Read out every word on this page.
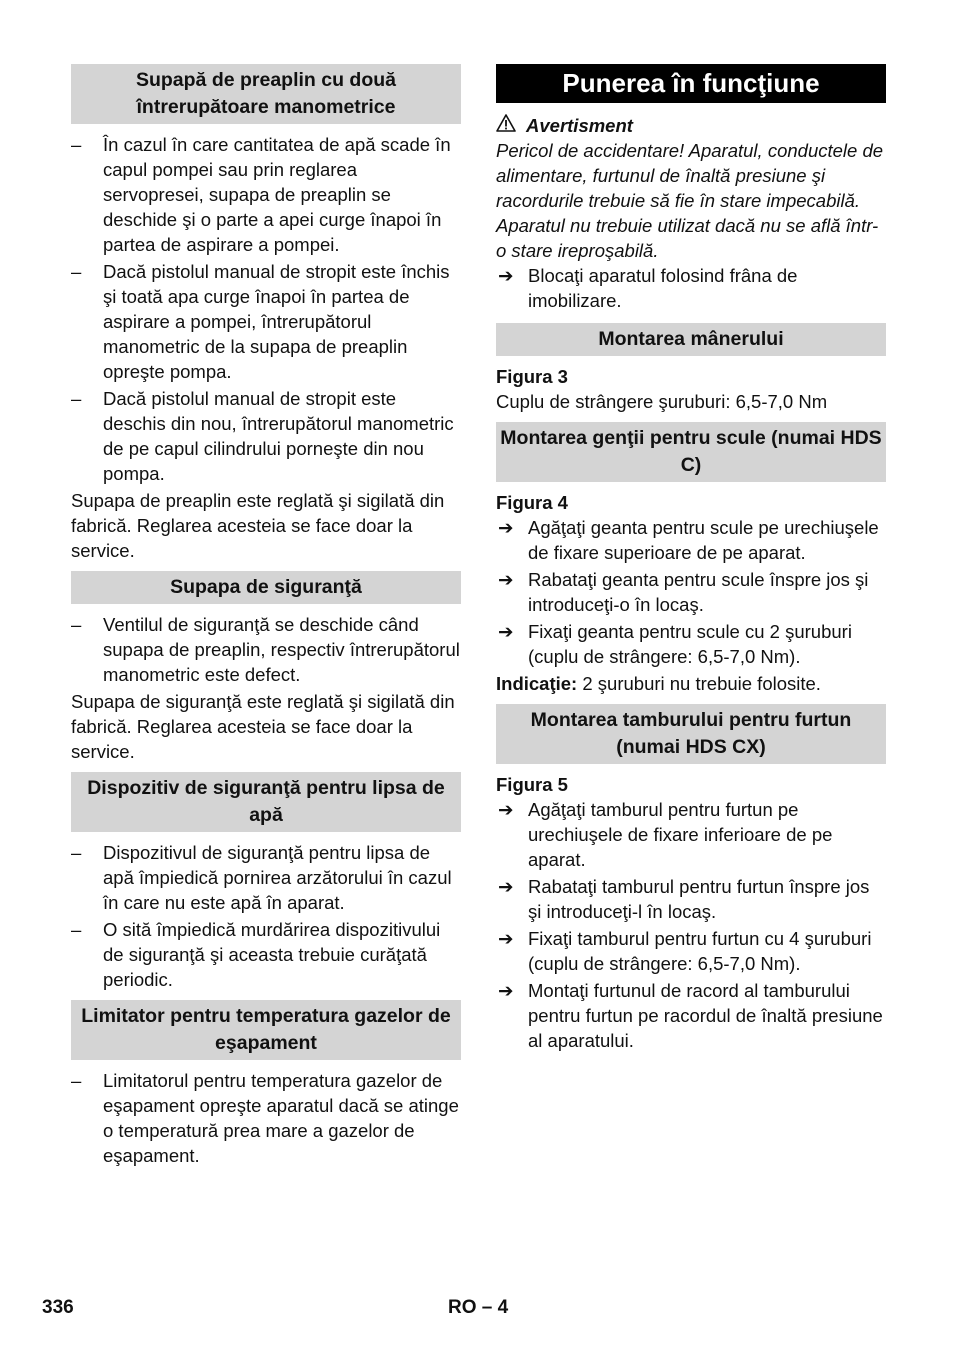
Supapă de preaplin cu două întrerupătoare manometrice
– În cazul în care cantitatea de apă scade în capul pompei sau prin reglarea servopresei, supapa de preaplin se deschide şi o parte a apei curge înapoi în partea de aspirare a pompei.
– Dacă pistolul manual de stropit este închis şi toată apa curge înapoi în partea de aspirare a pompei, întrerupătorul manometric de la supapa de preaplin opreşte pompa.
– Dacă pistolul manual de stropit este deschis din nou, întrerupătorul manometric de pe capul cilindrului porneşte din nou pompa.
Supapa de preaplin este reglată şi sigilată din fabrică. Reglarea acesteia se face doar la service.
Supapa de siguranţă
– Ventilul de siguranţă se deschide când supapa de preaplin, respectiv întrerupătorul manometric este defect.
Supapa de siguranţă este reglată şi sigilată din fabrică. Reglarea acesteia se face doar la service.
Dispozitiv de siguranţă pentru lipsa de apă
– Dispozitivul de siguranţă pentru lipsa de apă împiedică pornirea arzătorului în cazul în care nu este apă în aparat.
– O sită împiedică murdărirea dispozitivului de siguranţă şi aceasta trebuie curăţată periodic.
Limitator pentru temperatura gazelor de eşapament
– Limitatorul pentru temperatura gazelor de eşapament opreşte aparatul dacă se atinge o temperatură prea mare a gazelor de eşapament.
Punerea în funcţiune
Avertisment
Pericol de accidentare! Aparatul, conductele de alimentare, furtunul de înaltă presiune şi racordurile trebuie să fie în stare impecabilă. Aparatul nu trebuie utilizat dacă nu se află într-o stare ireproşabilă.
➔ Blocaţi aparatul folosind frâna de imobilizare.
Montarea mânerului
Figura 3
Cuplu de strângere şuruburi: 6,5-7,0 Nm
Montarea genţii pentru scule (numai HDS C)
Figura 4
➔ Agăţaţi geanta pentru scule pe urechiuşele de fixare superioare de pe aparat.
➔ Rabataţi geanta pentru scule înspre jos şi introduceţi-o în locaş.
➔ Fixaţi geanta pentru scule cu 2 şuruburi (cuplu de strângere: 6,5-7,0 Nm).
Indicaţie: 2 şuruburi nu trebuie folosite.
Montarea tamburului pentru furtun (numai HDS CX)
Figura 5
➔ Agăţaţi tamburul pentru furtun pe urechiuşele de fixare inferioare de pe aparat.
➔ Rabataţi tamburul pentru furtun înspre jos şi introduceţi-l în locaş.
➔ Fixaţi tamburul pentru furtun cu 4 şuruburi (cuplu de strângere: 6,5-7,0 Nm).
➔ Montaţi furtunul de racord al tamburului pentru furtun pe racordul de înaltă presiune al aparatului.
336	RO – 4
